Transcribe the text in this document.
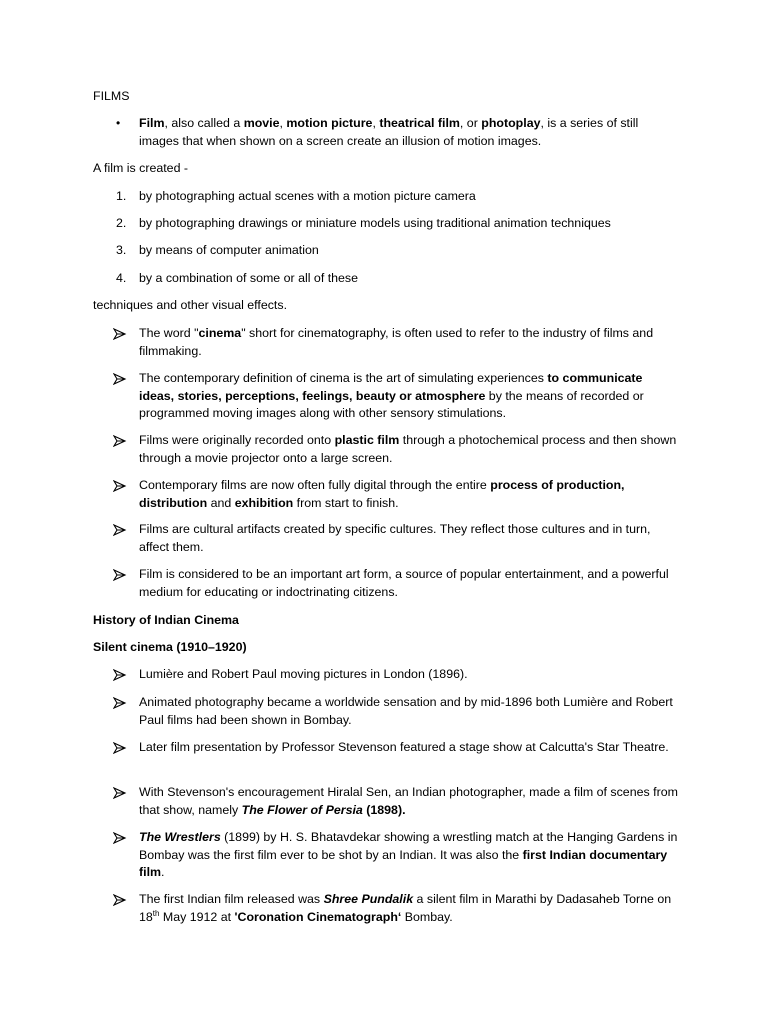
FILMS

• Film, also called a movie, motion picture, theatrical film, or photoplay, is a series of still images that when shown on a screen create an illusion of motion images.

A film is created -

1. by photographing actual scenes with a motion picture camera
2. by photographing drawings or miniature models using traditional animation techniques
3. by means of computer animation
4. by a combination of some or all of these

techniques and other visual effects.

The word "cinema" short for cinematography, is often used to refer to the industry of films and filmmaking.
The contemporary definition of cinema is the art of simulating experiences to communicate ideas, stories, perceptions, feelings, beauty or atmosphere by the means of recorded or programmed moving images along with other sensory stimulations.
Films were originally recorded onto plastic film through a photochemical process and then shown through a movie projector onto a large screen.
Contemporary films are now often fully digital through the entire process of production, distribution and exhibition from start to finish.
Films are cultural artifacts created by specific cultures. They reflect those cultures and in turn, affect them.
Film is considered to be an important art form, a source of popular entertainment, and a powerful medium for educating or indoctrinating citizens.

History of Indian Cinema

Silent cinema (1910–1920)

Lumière and Robert Paul moving pictures in London (1896).
Animated photography became a worldwide sensation and by mid-1896 both Lumière and Robert Paul films had been shown in Bombay.
Later film presentation by Professor Stevenson featured a stage show at Calcutta's Star Theatre.
With Stevenson's encouragement Hiralal Sen, an Indian photographer, made a film of scenes from that show, namely The Flower of Persia (1898).
The Wrestlers (1899) by H. S. Bhatavdekar showing a wrestling match at the Hanging Gardens in Bombay was the first film ever to be shot by an Indian. It was also the first Indian documentary film.
The first Indian film released was Shree Pundalik a silent film in Marathi by Dadasaheb Torne on 18th May 1912 at 'Coronation Cinematograph‘ Bombay.
